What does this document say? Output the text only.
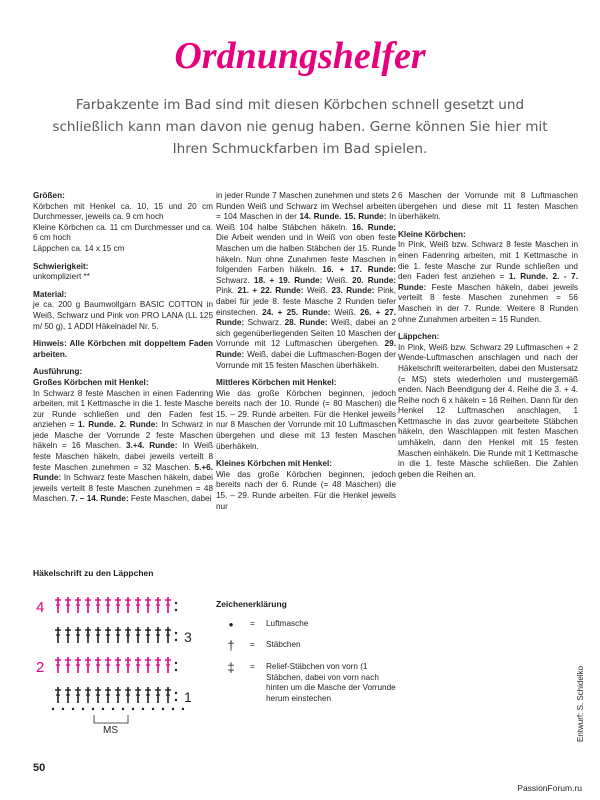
Ordnungshelfer

Farbakzente im Bad sind mit diesen Körbchen schnell gesetzt und schließlich kann man davon nie genug haben. Gerne können Sie hier mit Ihren Schmuckfarben im Bad spielen.

Größen:
Körbchen mit Henkel ca. 10, 15 und 20 cm Durchmesser, jeweils ca. 9 cm hoch
Kleine Körbchen ca. 11 cm Durchmesser und ca. 6 cm hoch
Läppchen ca. 14 x 15 cm

Schwierigkeit:
unkompliziert **

Material:
je ca. 200 g Baumwollgarn BASIC COTTON in Weiß, Schwarz und Pink von PRO LANA (LL 125 m/ 50 g), 1 ADDI Häkelnadel Nr. 5.

Hinweis: Alle Körbchen mit doppeltem Faden arbeiten.

Ausführung:
Großes Körbchen mit Henkel:
In Schwarz 8 feste Maschen in einen Fadenring arbeiten, mit 1 Kettmasche in die 1. feste Masche zur Runde schließen und den Faden fest anziehen = 1. Runde. 2. Runde: In Schwarz in jede Masche der Vorrunde 2 feste Maschen häkeln = 16 Maschen. 3.+4. Runde: In Weiß feste Maschen häkeln, dabei jeweils verteilt 8 feste Maschen zunehmen = 32 Maschen. 5.+6. Runde: In Schwarz feste Maschen häkeln, dabei jeweils verteilt 8 feste Maschen zunehmen = 48 Maschen. 7. – 14. Runde: Feste Maschen, dabei

in jeder Runde 7 Maschen zunehmen und stets 2 Runden Weiß und Schwarz im Wechsel arbeiten = 104 Maschen in der 14. Runde. 15. Runde: In Weiß 104 halbe Stäbchen häkeln. 16. Runde: Die Arbeit wenden und in Weiß von oben feste Maschen um die halben Stäbchen der 15. Runde häkeln. Nun ohne Zunahmen feste Maschen in folgenden Farben häkeln. 16. + 17. Runde: Schwarz. 18. + 19. Runde: Weiß. 20. Runde: Pink. 21. + 22. Runde: Weiß. 23. Runde: Pink, dabei für jede 8. feste Masche 2 Runden tiefer einstechen. 24. + 25. Runde: Weiß. 26. + 27. Runde: Schwarz. 28. Runde: Weiß, dabei an 2 sich gegenüberliegenden Seiten 10 Maschen der Vorrunde mit 12 Luftmaschen übergehen. 29. Runde: Weiß, dabei die Luftmaschen-Bogen der Vorrunde mit 15 festen Maschen überhäkeln.

Mittleres Körbchen mit Henkel:
Wie das große Körbchen beginnen, jedoch bereits nach der 10. Runde (= 80 Maschen) die 15. – 29. Runde arbeiten. Für die Henkel jeweils nur 8 Maschen der Vorrunde mit 10 Luftmaschen übergehen und diese mit 13 festen Maschen überhäkeln.

Kleines Körbchen mit Henkel:
Wie das große Körbchen beginnen, jedoch bereits nach der 6. Runde (= 48 Maschen) die 15. – 29. Runde arbeiten. Für die Henkel jeweils nur

6 Maschen der Vorrunde mit 8 Luftmaschen übergehen und diese mit 11 festen Maschen überhäkeln.

Kleine Körbchen:
In Pink, Weiß bzw. Schwarz 8 feste Maschen in einen Fadenring arbeiten, mit 1 Kettmasche in die 1. feste Masche zur Runde schließen und den Faden fest anziehen = 1. Runde. 2. - 7. Runde: Feste Maschen häkeln, dabei jeweils verteilt 8 feste Maschen zunehmen = 56 Maschen in der 7. Runde. Weitere 8 Runden ohne Zunahmen arbeiten = 15 Runden.

Läppchen:
In Pink, Weiß bzw. Schwarz 29 Luftmaschen + 2 Wende-Luftmaschen anschlagen und nach der Häkelschrift weiterarbeiten, dabei den Mustersatz (= MS) stets wiederholen und mustergemäß enden. Nach Beendigung der 4. Reihe die 3. + 4. Reihe noch 6 x häkeln = 16 Reihen. Dann für den Henkel 12 Luftmaschen anschlagen, 1 Kettmasche in das zuvor gearbeitete Stäbchen häkeln, den Waschlappen mit festen Maschen umhäkeln, dann den Henkel mit 15 festen Maschen einhäkeln. Die Runde mit 1 Kettmasche in die 1. feste Masche schließen. Die Zahlen geben die Reihen an.

Häkelschrift zu den Läppchen
4
3
2
1
MS
Zeichenerklärung
•	= Luftmasche
†	= Stäbchen
‡	= Relief-Stäbchen von vorn (1 Stäbchen, dabei von vorn nach hinten um die Masche der Vorrunde herum einstechen
50
Entwurf: S. Schidelko
PassionForum.ru
